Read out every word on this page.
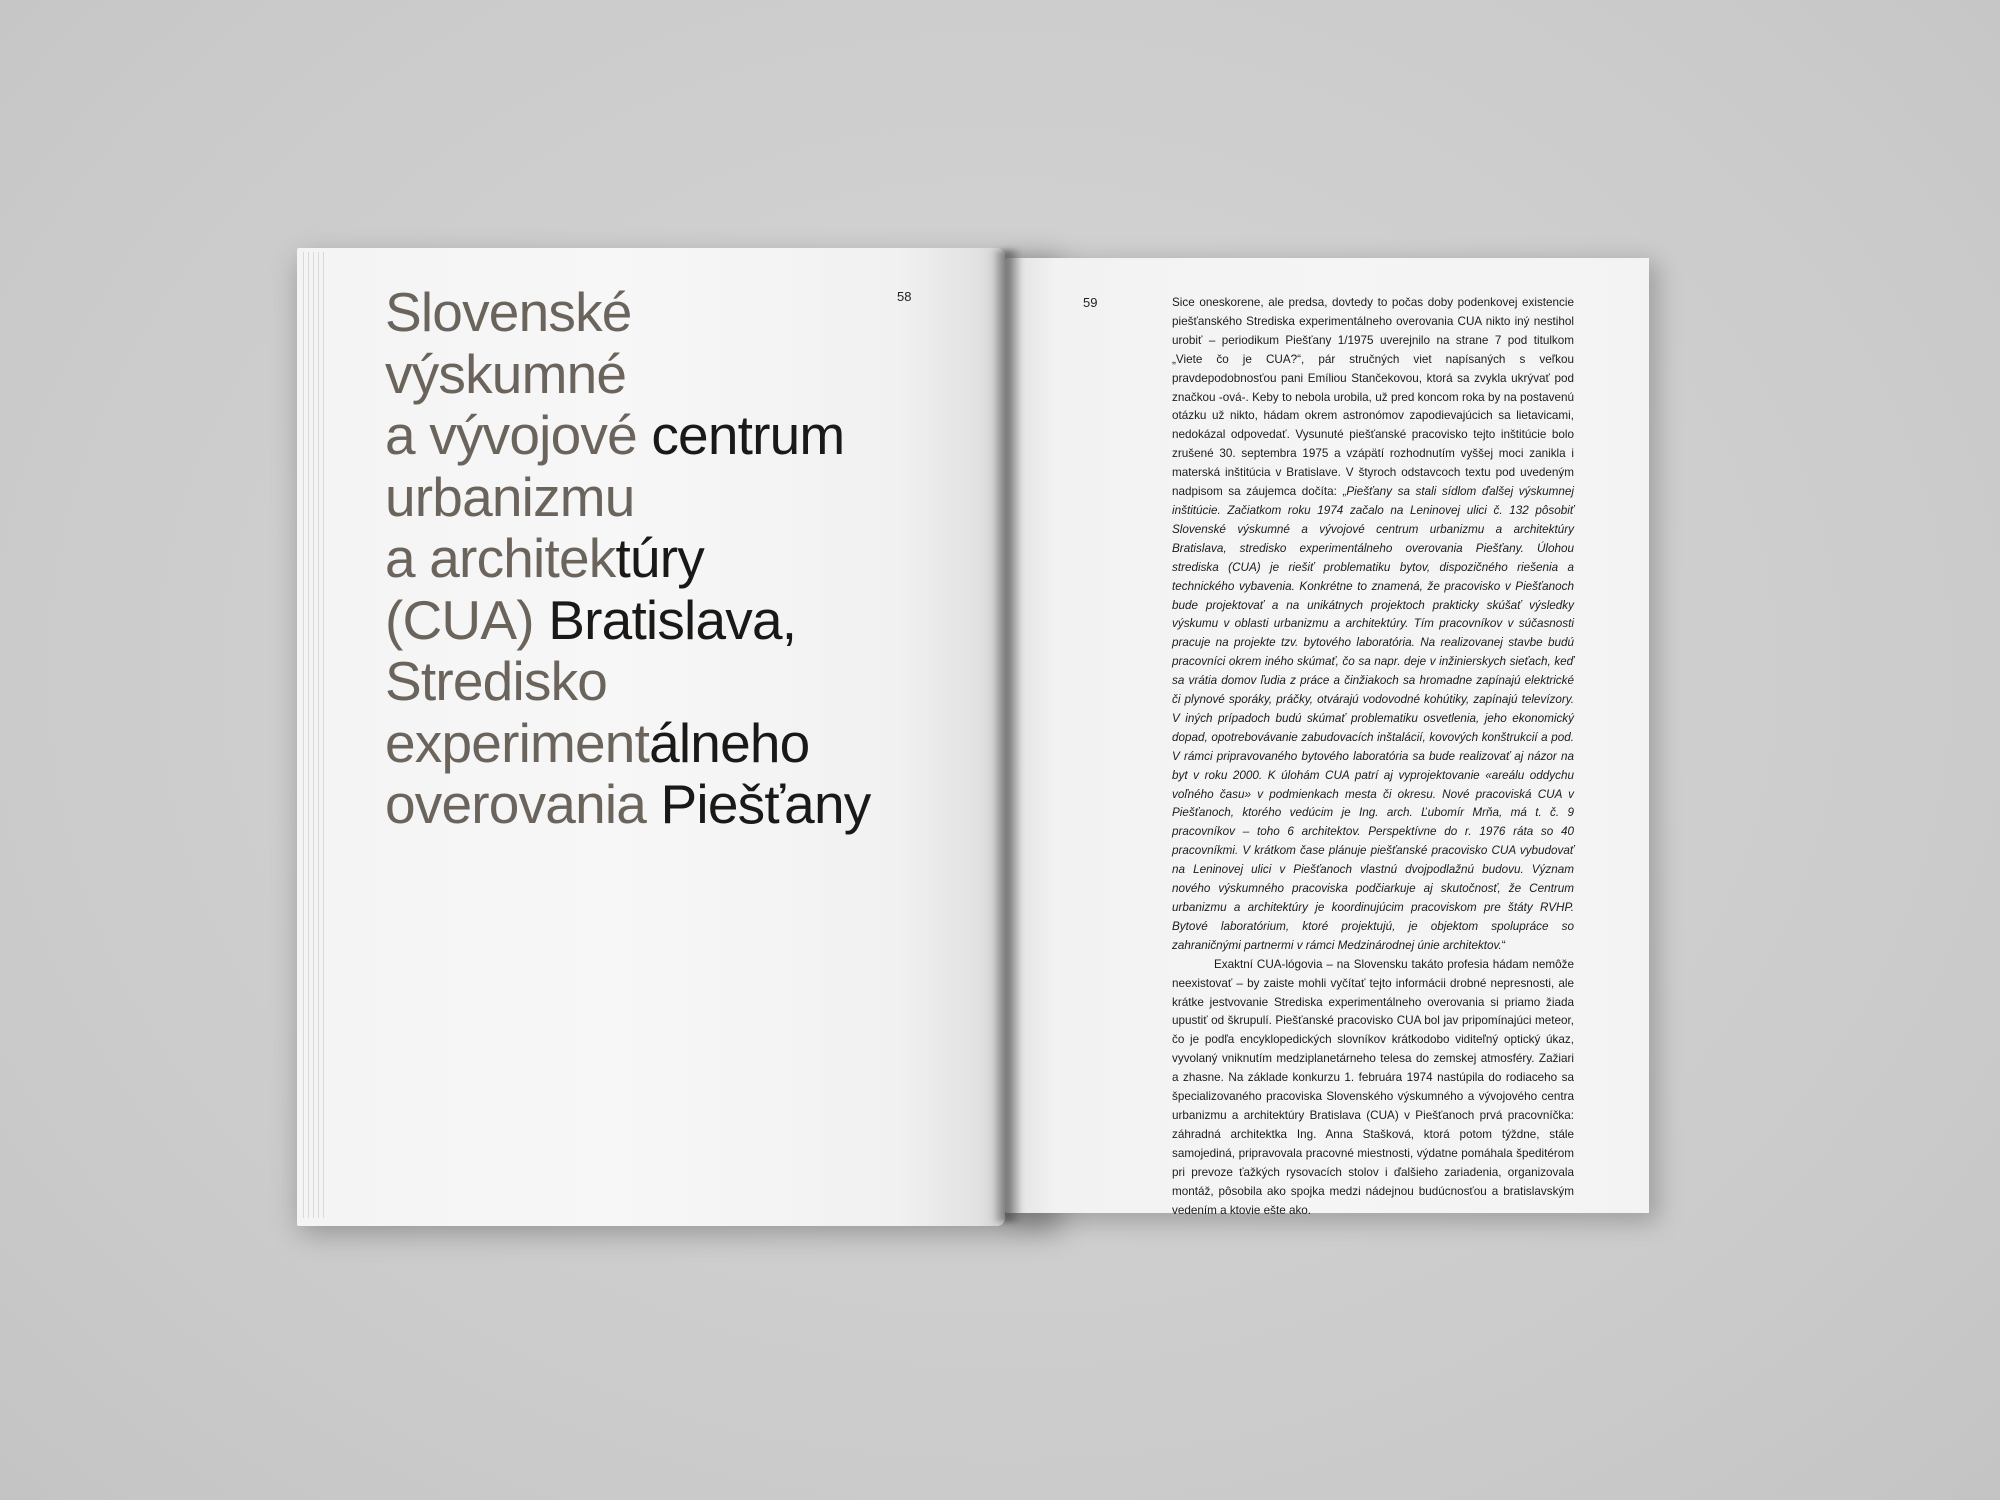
58	59
Slovenské
výskumné
a vývojové centrum
urbanizmu
a architektúry
(CUA) Bratislava,
Stredisko
experimentálneho
overovania Piešťany

Sice oneskorene, ale predsa, dovtedy to počas doby podenkovej existencie piešťanského Strediska experimentálneho overovania CUA nikto iný nestihol urobiť – periodikum Piešťany 1/1975 uverejnilo na strane 7 pod titulkom „Viete čo je CUA?“, pár stručných viet napísaných s veľkou pravdepodobnosťou pani Emíliou Stančekovou, ktorá sa zvykla ukrývať pod značkou -ová-. Keby to nebola urobila, už pred koncom roka by na postavenú otázku už nikto, hádam okrem astronómov zapodievajúcich sa lietavicami, nedokázal odpovedať. Vysunuté piešťanské pracovisko tejto inštitúcie bolo zrušené 30. septembra 1975 a vzápätí rozhodnutím vyššej moci zanikla i materská inštitúcia v Bratislave. V štyroch odstavcoch textu pod uvedeným nadpisom sa záujemca dočíta: „Piešťany sa stali sídlom ďalšej výskumnej inštitúcie. Začiatkom roku 1974 začalo na Leninovej ulici č. 132 pôsobiť Slovenské výskumné a vývojové centrum urbanizmu a architektúry Bratislava, stredisko experimentálneho overovania Piešťany. Úlohou strediska (CUA) je riešiť problematiku bytov, dispozičného riešenia a technického vybavenia. Konkrétne to znamená, že pracovisko v Piešťanoch bude projektovať a na unikátnych projektoch prakticky skúšať výsledky výskumu v oblasti urbanizmu a architektúry. Tím pracovníkov v súčasnosti pracuje na projekte tzv. bytového laboratória. Na realizovanej stavbe budú pracovníci okrem iného skúmať, čo sa napr. deje v inžinierskych sieťach, keď sa vrátia domov ľudia z práce a činžiakoch sa hromadne zapínajú elektrické či plynové sporáky, práčky, otvárajú vodovodné kohútiky, zapínajú televízory. V iných prípadoch budú skúmať problematiku osvetlenia, jeho ekonomický dopad, opotrebovávanie zabudovacích inštalácií, kovových konštrukcií a pod. V rámci pripravovaného bytového laboratória sa bude realizovať aj názor na byt v roku 2000. K úlohám CUA patrí aj vyprojektovanie «areálu oddychu voľného času» v podmienkach mesta či okresu. Nové pracoviská CUA v Piešťanoch, ktorého vedúcim je Ing. arch. Ľubomír Mrňa, má t. č. 9 pracovníkov – toho 6 architektov. Perspektívne do r. 1976 ráta so 40 pracovníkmi. V krátkom čase plánuje piešťanské pracovisko CUA vybudovať na Leninovej ulici v Piešťanoch vlastnú dvojpodlažnú budovu. Význam nového výskumného pracoviska podčiarkuje aj skutočnosť, že Centrum urbanizmu a architektúry je koordinujúcim pracoviskom pre štáty RVHP. Bytové laboratórium, ktoré projektujú, je objektom spolupráce so zahraničnými partnermi v rámci Medzinárodnej únie architektov.“

Exaktní CUA-lógovia – na Slovensku takáto profesia hádam nemôže neexistovať – by zaiste mohli vyčítať tejto informácii drobné nepresnosti, ale krátke jestvovanie Strediska experimentálneho overovania si priamo žiada upustiť od škrupulí. Piešťanské pracovisko CUA bol jav pripomínajúci meteor, čo je podľa encyklopedických slovníkov krátkodobo viditeľný optický úkaz, vyvolaný vniknutím medziplanetárneho telesa do zemskej atmosféry. Zažiari a zhasne. Na základe konkurzu 1. februára 1974 nastúpila do rodiaceho sa špecializovaného pracoviska Slovenského výskumného a vývojového centra urbanizmu a architektúry Bratislava (CUA) v Piešťanoch prvá pracovníčka: záhradná architektka Ing. Anna Stašková, ktorá potom týždne, stále samojediná, pripravovala pracovné miestnosti, výdatne pomáhala špeditérom pri prevoze ťažkých rysovacích stolov i ďalšieho zariadenia, organizovala montáž, pôsobila ako spojka medzi nádejnou budúcnosťou a bratislavským vedením a ktovie ešte ako.
